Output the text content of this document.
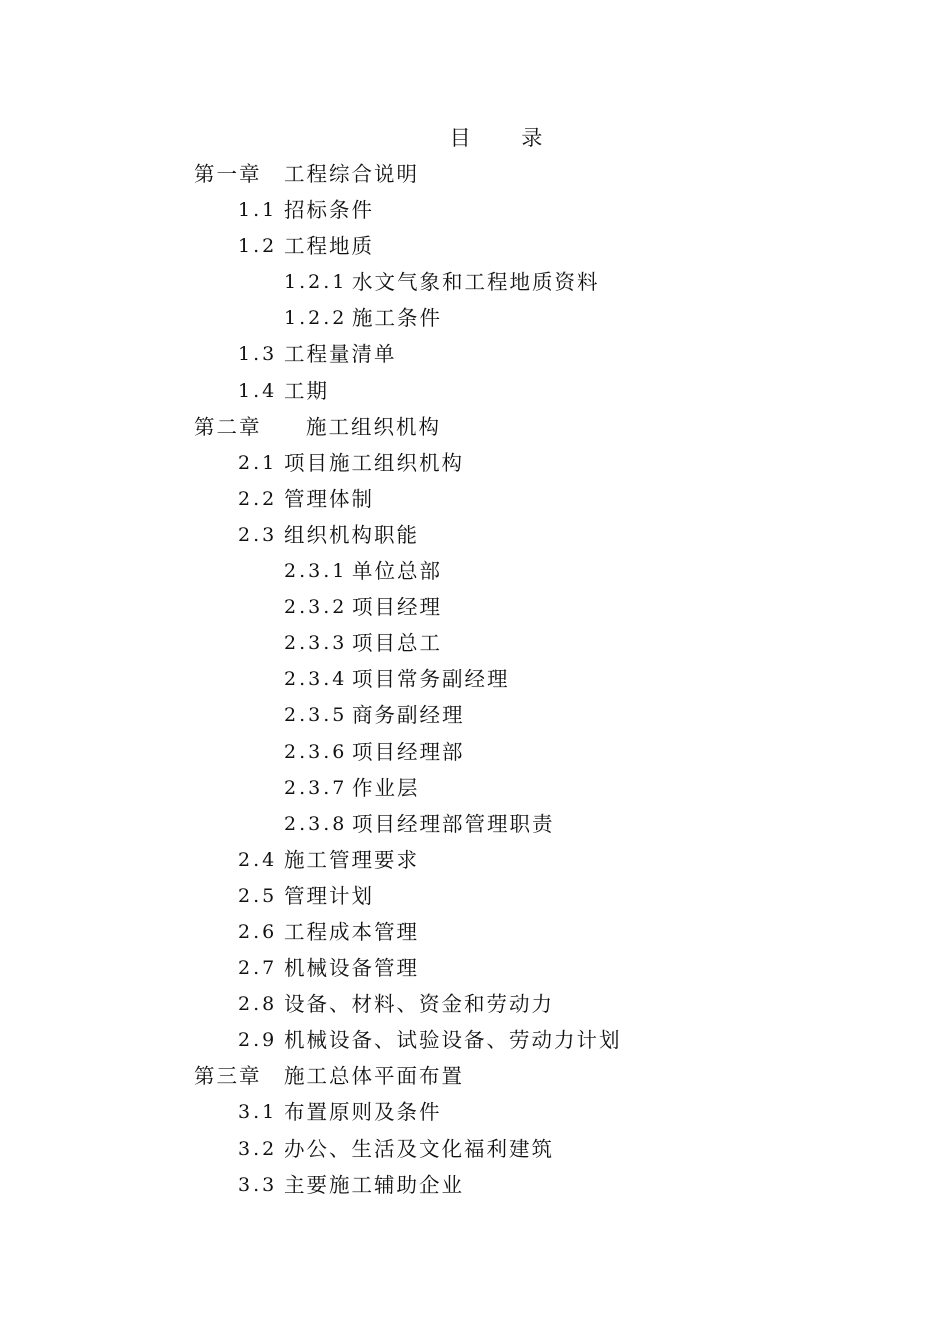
目 录
第一章 工程综合说明
1.1 招标条件
1.2 工程地质
1.2.1 水文气象和工程地质资料
1.2.2 施工条件
1.3 工程量清单
1.4 工期
第二章 施工组织机构
2.1 项目施工组织机构
2.2 管理体制
2.3 组织机构职能
2.3.1 单位总部
2.3.2 项目经理
2.3.3 项目总工
2.3.4 项目常务副经理
2.3.5 商务副经理
2.3.6 项目经理部
2.3.7 作业层
2.3.8 项目经理部管理职责
2.4 施工管理要求
2.5 管理计划
2.6 工程成本管理
2.7 机械设备管理
2.8 设备、材料、资金和劳动力
2.9 机械设备、试验设备、劳动力计划
第三章 施工总体平面布置
3.1 布置原则及条件
3.2 办公、生活及文化福利建筑
3.3 主要施工辅助企业
